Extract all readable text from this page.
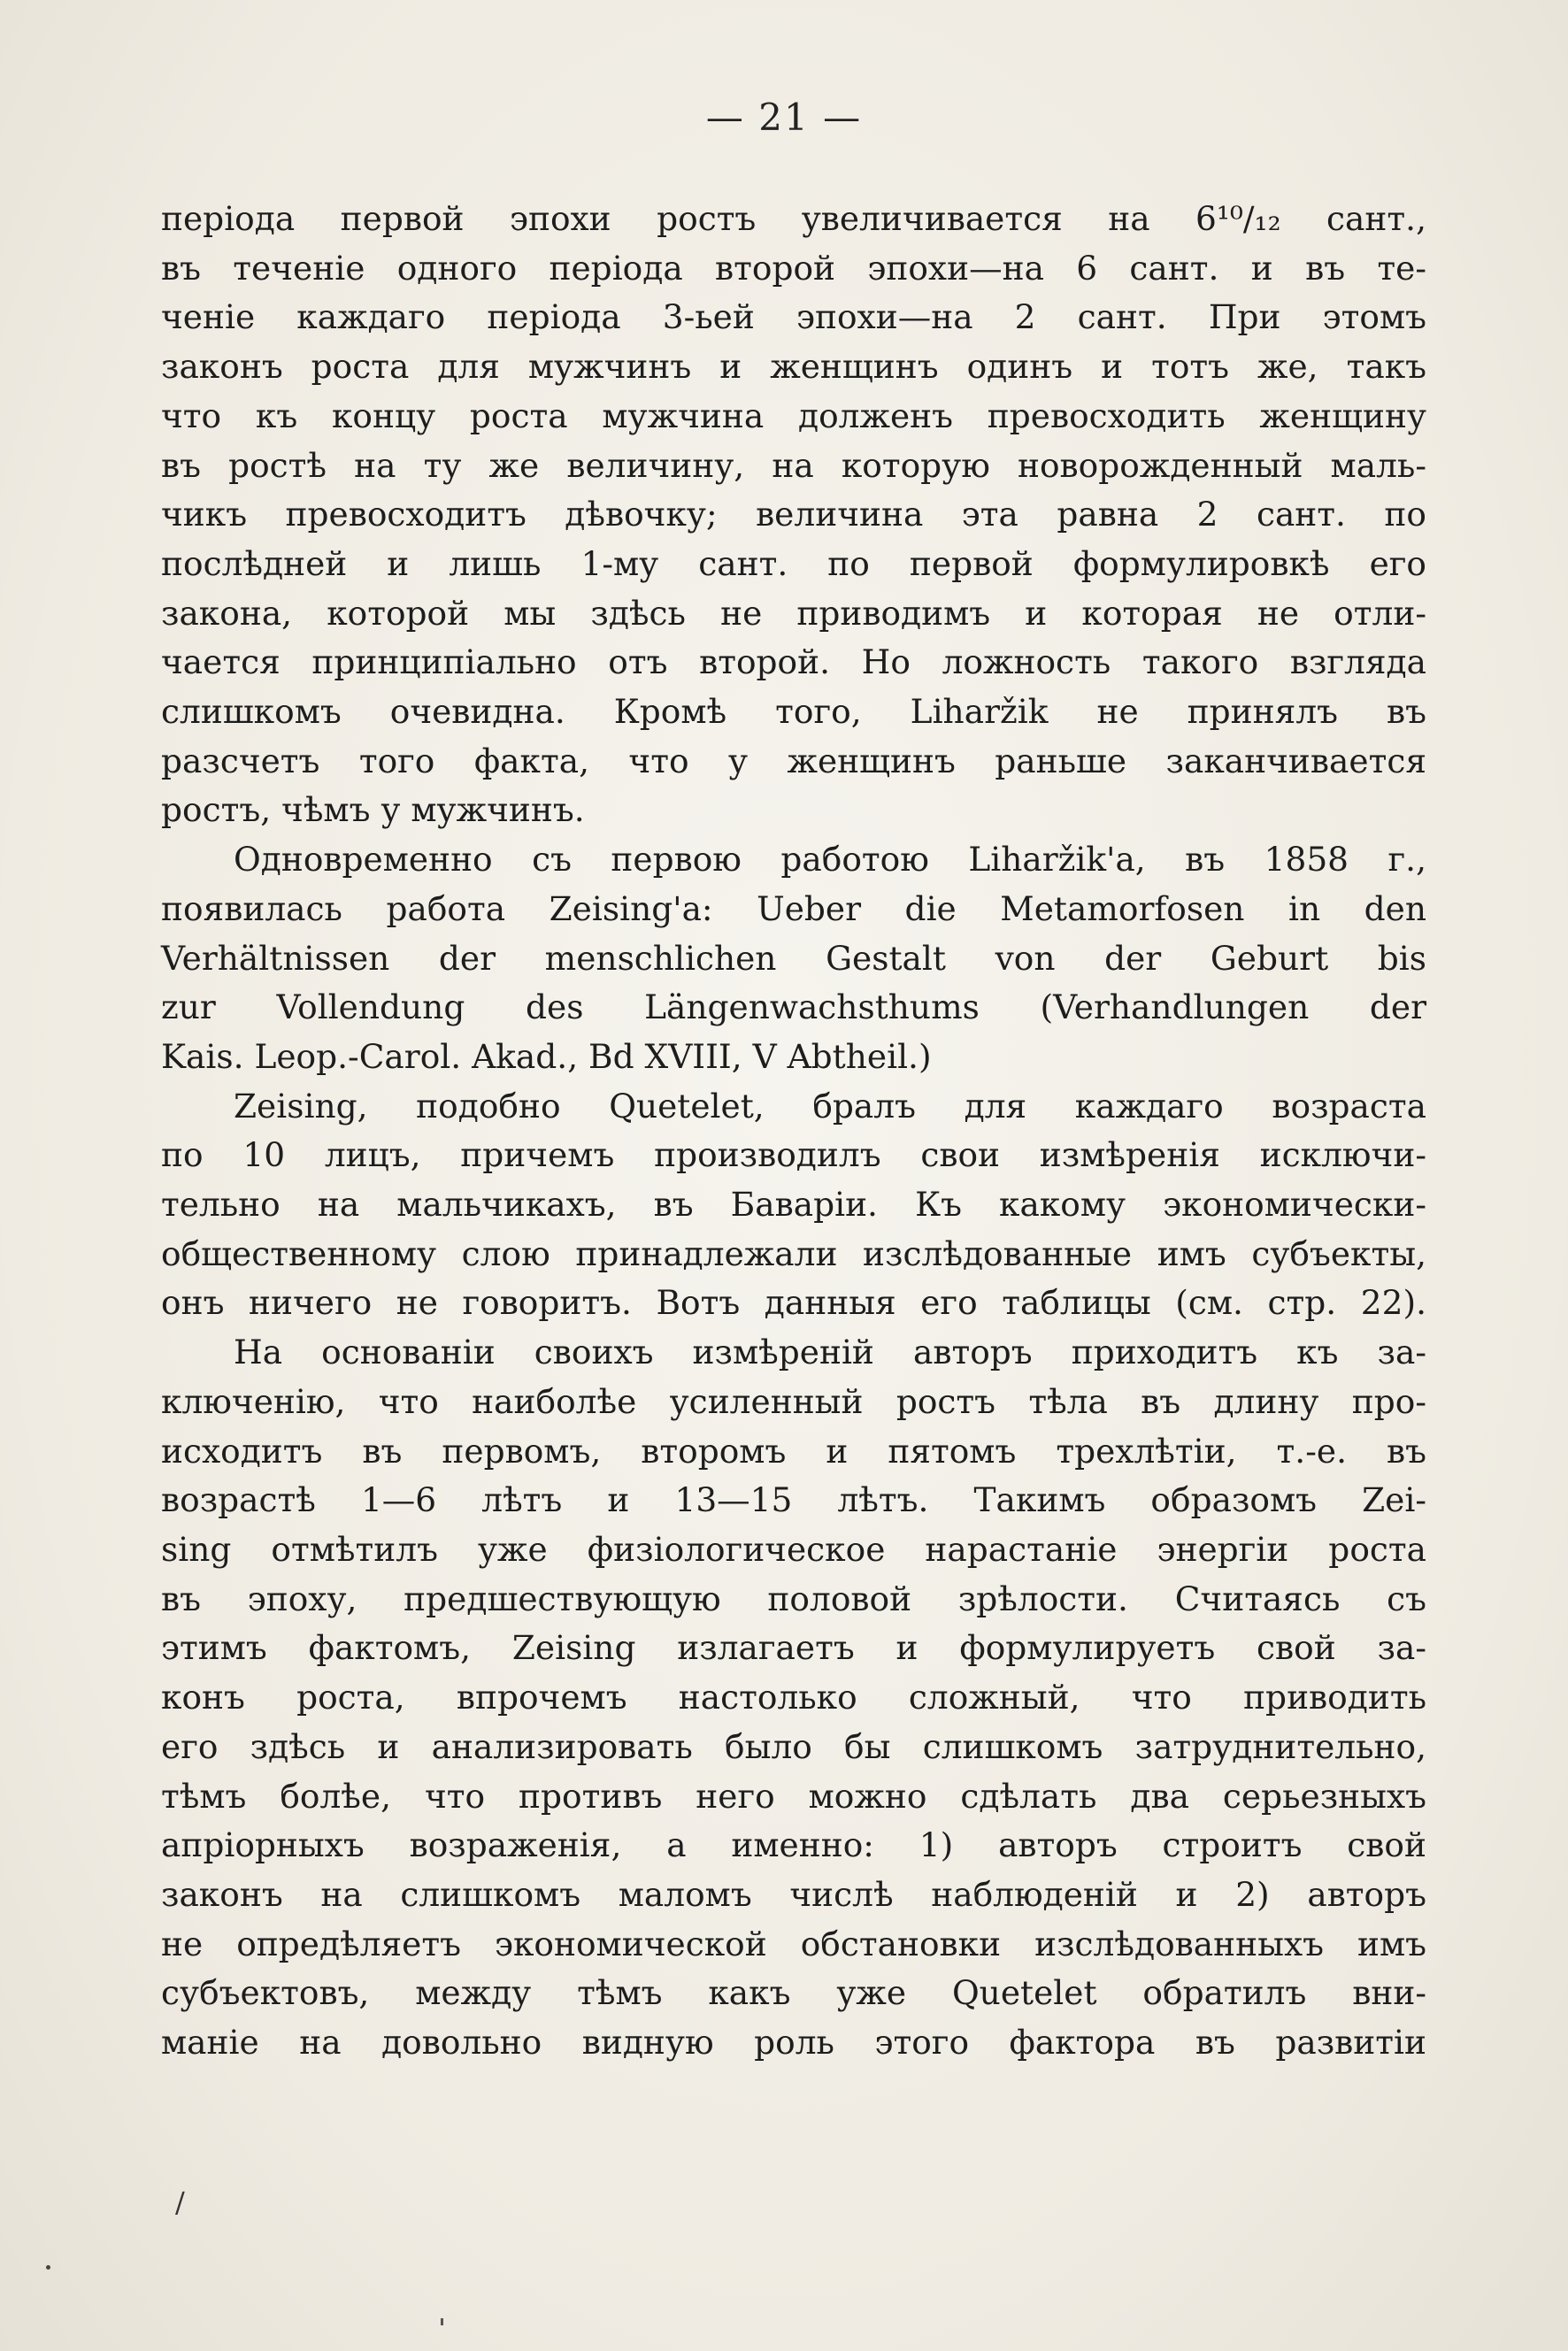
— 21 —

періода первой эпохи ростъ увеличивается на 6¹⁰/₁₂ сант.,
въ теченіе одного періода второй эпохи—на 6 сант. и въ те-
ченіе каждаго періода 3-ьей эпохи—на 2 сант. При этомъ
законъ роста для мужчинъ и женщинъ одинъ и тотъ же, такъ
что къ концу роста мужчина долженъ превосходить женщину
въ ростѣ на ту же величину, на которую новорожденный маль-
чикъ превосходитъ дѣвочку; величина эта равна 2 сант. по
послѣдней и лишь 1-му сант. по первой формулировкѣ его
закона, которой мы здѣсь не приводимъ и которая не отли-
чается принципіально отъ второй. Но ложность такого взгляда
слишкомъ очевидна. Кромѣ того, Liharžik не принялъ въ
разсчетъ того факта, что у женщинъ раньше заканчивается
ростъ, чѣмъ у мужчинъ.

Одновременно съ первою работою Liharžik'а, въ 1858 г.,
появилась работа Zeising'а: Ueber die Metamorfosen in den
Verhältnissen der menschlichen Gestalt von der Geburt bis
zur Vollendung des Längenwachsthums (Verhandlungen der
Kais. Leop.-Carol. Akad., Bd XVIII, V Abtheil.)

Zeising, подобно Quetelet, бралъ для каждаго возраста
по 10 лицъ, причемъ производилъ свои измѣренія исключи-
тельно на мальчикахъ, въ Баваріи. Къ какому экономически-
общественному слою принадлежали изслѣдованные имъ субъекты,
онъ ничего не говоритъ. Вотъ данныя его таблицы (см. стр. 22).

На основаніи своихъ измѣреній авторъ приходитъ къ за-
ключенію, что наиболѣе усиленный ростъ тѣла въ длину про-
исходитъ въ первомъ, второмъ и пятомъ трехлѣтіи, т.-е. въ
возрастѣ 1—6 лѣтъ и 13—15 лѣтъ. Такимъ образомъ Zei-
sing отмѣтилъ уже физіологическое нарастаніе энергіи роста
въ эпоху, предшествующую половой зрѣлости. Считаясь съ
этимъ фактомъ, Zeising излагаетъ и формулируетъ свой за-
конъ роста, впрочемъ настолько сложный, что приводить
его здѣсь и анализировать было бы слишкомъ затруднительно,
тѣмъ болѣе, что противъ него можно сдѣлать два серьезныхъ
апріорныхъ возраженія, а именно: 1) авторъ строитъ свой
законъ на слишкомъ маломъ числѣ наблюденій и 2) авторъ
не опредѣляетъ экономической обстановки изслѣдованныхъ имъ
субъектовъ, между тѣмъ какъ уже Quetelet обратилъ вни-
маніе на довольно видную роль этого фактора въ развитіи

/
